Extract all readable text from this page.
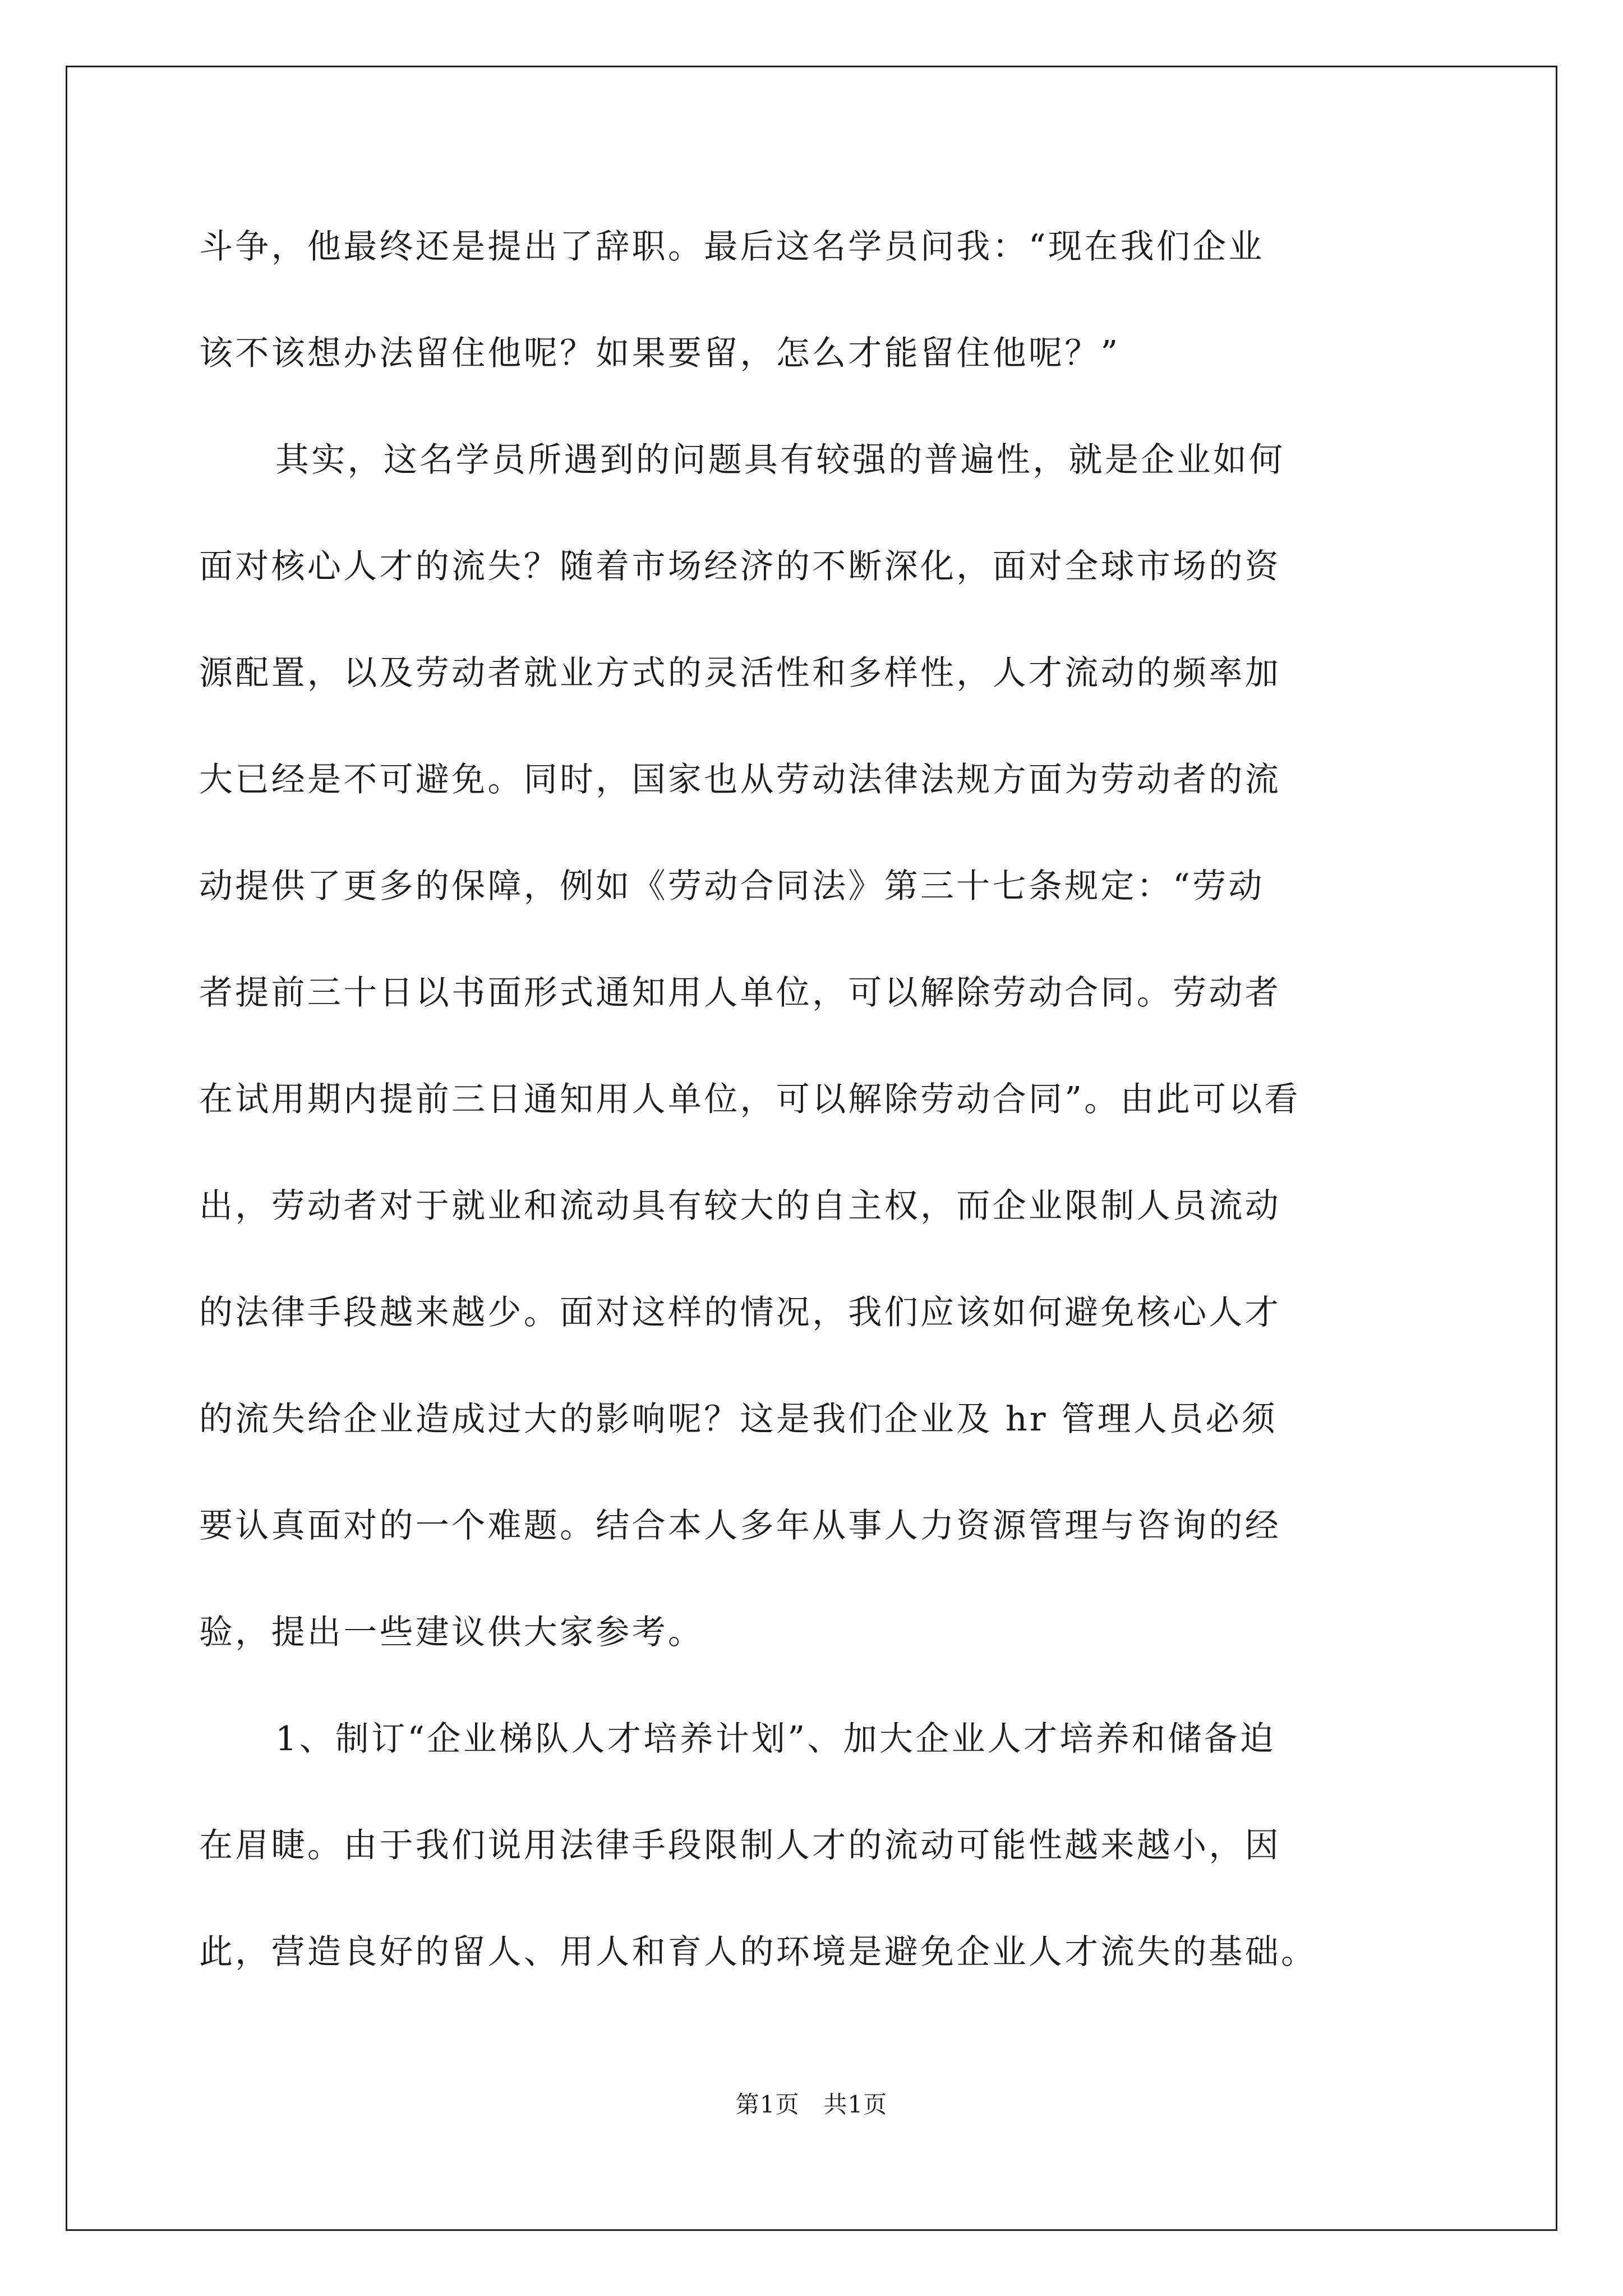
斗争，他最终还是提出了辞职。最后这名学员问我：“现在我们企业
该不该想办法留住他呢？如果要留，怎么才能留住他呢？”
其实，这名学员所遇到的问题具有较强的普遍性，就是企业如何
面对核心人才的流失？随着市场经济的不断深化，面对全球市场的资
源配置，以及劳动者就业方式的灵活性和多样性，人才流动的频率加
大已经是不可避免。同时，国家也从劳动法律法规方面为劳动者的流
动提供了更多的保障，例如《劳动合同法》第三十七条规定：“劳动
者提前三十日以书面形式通知用人单位，可以解除劳动合同。劳动者
在试用期内提前三日通知用人单位，可以解除劳动合同”。由此可以看
出，劳动者对于就业和流动具有较大的自主权，而企业限制人员流动
的法律手段越来越少。面对这样的情况，我们应该如何避免核心人才
的流失给企业造成过大的影响呢？这是我们企业及 hr 管理人员必须
要认真面对的一个难题。结合本人多年从事人力资源管理与咨询的经
验，提出一些建议供大家参考。
1、制订“企业梯队人才培养计划”、加大企业人才培养和储备迫
在眉睫。由于我们说用法律手段限制人才的流动可能性越来越小，因
此，营造良好的留人、用人和育人的环境是避免企业人才流失的基础。
第1页 共1页
